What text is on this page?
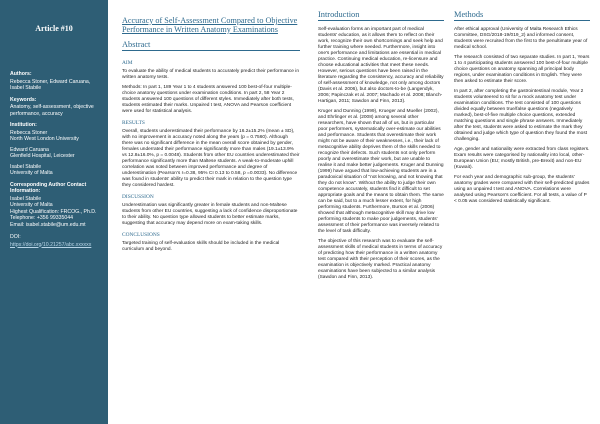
Article #10
Authors:
Rebecca Stoner, Edward Caruana, Isabel Stabile
Keywords:
Anatomy, self-assessment, objective performance, accuracy
Institution:
Rebecca Stoner
North West London University
Edward Caruana
Glenfield Hospital, Leicester
Isabel Stabile
University of Malta
Corresponding Author Contact Information:
Isabel Stabile
University of Malta
Highest Qualification: FRCOG., Ph.D.
Telephone: +356 99335044
Email: isabel.stabile@um.edu.mt
DOI:
https://doi.org/10.21257/abc.xxxxxx
Accuracy of Self-Assessment Compared to Objective Performance in Written Anatomy Examinations
Abstract
AIM

To evaluate the ability of medical students to accurately predict their performance in written anatomy tests.

Methods: In part 1, 189 Year 1 to 4 students answered 100 best-of-four multiple-choice anatomy questions under examination conditions. In part 2, 58 Year 2 students answered 100 questions of different styles. Immediately after both tests, students estimated their marks. Unpaired t test, ANOVA and Pearson coefficient were used for statistical analysis.

RESULTS

Overall, students underestimated their performance by 16.2±15.2% (mean ± SD), with no improvement in accuracy noted along the years (p = 0.7560). Although there was no significant difference in the mean overall score obtained by gender, females underrated their performance significantly more than males (19.1±13.9% vs 12.8±16.0%, p = 0.0048). Students from other EU countries underestimated their performance significantly more than Maltese students. A weak-to-moderate uphill correlation was noted between improved performance and degree of underestimation (Pearson's r=0.38, 95% CI 0.13 to 0.58, p =0.0033). No difference was found in students' ability to predict their mark in relation to the question type they considered hardest.

DISCUSSION

Underestimation was significantly greater in female students and non-Maltese students from other EU countries, suggesting a lack of confidence disproportionate to their ability. No question type allowed students to better estimate marks, suggesting that accuracy may depend more on exam-taking skills.

CONCLUSIONS

Targeted training of self-evaluation skills should be included in the medical curriculum and beyond.

Introduction

Self-evaluation forms an important part of medical students' education, as it allows them to reflect on their work, recognize their own shortcomings and seek help and further training where needed. Furthermore, insight into one's performance and limitations are essential in medical practice. Continuing medical education, re-licensure and choose educational activities that meet these needs. However, serious questions have been raised in the literature regarding the consistency, accuracy and reliability of self-assessment of knowledge, not only among doctors (Davis et al. 2006), but also doctors-to-be (Langendyk, 2006; Papinczak et al. 2007; Machado et al. 2008; Blanch-Hartigan, 2011; Sawdon and Finn, 2013).

Kruger and Dunning (1999), Krueger and Mueller (2002), and Ehrlinger et al. (2008) among several other researchers, have shown that all of us, but in particular poor performers, systematically over-estimate our abilities and performance. Students that overestimate their work might not be aware of their weaknesses, i.e., their lack of metacognitive ability deprives them of the skills needed to recognize their defects. Such students not only perform poorly and overestimate their work, but are unable to realise it and make better judgements. Kruger and Dunning (1999) have argued that low-achieving students are in a paradoxical situation of "not knowing, and not knowing that they do not know". Without the ability to judge their own competence accurately, students find it difficult to set appropriate goals and the means to obtain them. The same can be said, but to a much lesser extent, for high performing students. Furthermore, Burson et al. (2006) showed that although metacognitive skill may drive low performing students to make poor judgements, students' assessment of their performance was inversely related to the level of task difficulty.

The objective of this research was to evaluate the self-assessment skills of medical students in terms of accuracy of predicting how their performance in a written anatomy test compared with their perception of their scores, as the examination is objectively marked. Practical anatomy examinations have been subjected to a similar analysis (Sawdon and Finn, 2013).

Methods

After ethical approval (University of Malta Research Ethics Committee, DSG/2018-19/019_2) and informed consent, students were recruited from the first to the penultimate year of medical school.

The research consisted of two separate studies. In part 1, Years 1 to 4 participating students answered 100 best-of-four multiple choice questions on anatomy spanning all principal body regions, under examination conditions in English. They were then asked to estimate their score.

In part 2, after completing the gastrointestinal module, Year 2 students volunteered to sit for a mock anatomy test under examination conditions. The test consisted of 100 questions divided equally between true/false questions (negatively marked), best-of-five multiple choice questions, extended matching questions and single phrase answers. Immediately after the test, students were asked to estimate the mark they obtained and judge which type of question they found the most challenging.

Age, gender and nationality were extracted from class registers. Exam results were categorised by nationality into local, other-European Union (EU; mostly British, pre-Brexit) and non-EU (Kuwait).

For each year and demographic sub-group, the students' anatomy grades were compared with their self-predicted grades using an unpaired t test and ANOVA. Correlations were analysed using Pearson's coefficient. For all tests, a value of P < 0.05 was considered statistically significant.
